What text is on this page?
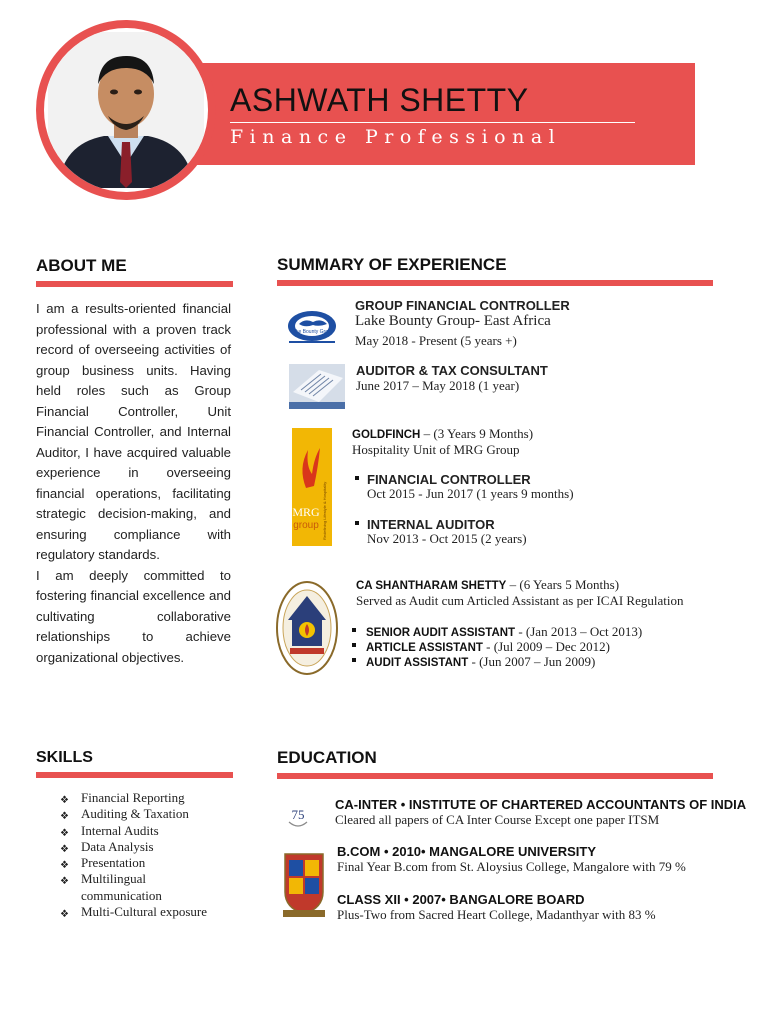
ASHWATH SHETTY
Finance Professional
ABOUT ME

I am a results-oriented financial professional with a proven track record of overseeing activities of group business units. Having held roles such as Group Financial Controller, Unit Financial Controller, and Internal Auditor, I have acquired valuable experience in overseeing financial operations, facilitating strategic decision-making, and ensuring compliance with regulatory standards.

I am deeply committed to fostering financial excellence and cultivating collaborative relationships to achieve organizational objectives.

SUMMARY OF EXPERIENCE
Lake Bounty Group
GROUP FINANCIAL CONTROLLER
Lake Bounty Group- East Africa
May 2018 - Present (5 years +)
AUDITOR & TAX CONSULTANT
June 2017 – May 2018 (1 year)
MRG
group Redefining Lifestyle & Hospitality
GOLDFINCH – (3 Years 9 Months)
Hospitality Unit of MRG Group
FINANCIAL CONTROLLER
Oct 2015 - Jun 2017 (1 years 9 months)
INTERNAL AUDITOR
Nov 2013 - Oct 2015 (2 years)
CA SHANTHARAM SHETTY – (6 Years 5 Months)
Served as Audit cum Articled Assistant as per ICAI Regulation
SENIOR AUDIT ASSISTANT - (Jan 2013 – Oct 2013)
ARTICLE ASSISTANT - (Jul 2009 – Dec 2012)
AUDIT ASSISTANT - (Jun 2007 – Jun 2009)
SKILLS
❖ Financial Reporting
❖ Auditing & Taxation
❖ Internal Audits
❖ Data Analysis
❖ Presentation
❖ Multilingual communication
❖ Multi-Cultural exposure
EDUCATION
75
CA-INTER • INSTITUTE OF CHARTERED ACCOUNTANTS OF INDIA
Cleared all papers of CA Inter Course Except one paper ITSM
B.COM • 2010• MANGALORE UNIVERSITY
Final Year B.com from St. Aloysius College, Mangalore with 79 %
CLASS XII • 2007• BANGALORE BOARD
Plus-Two from Sacred Heart College, Madanthyar with 83 %
